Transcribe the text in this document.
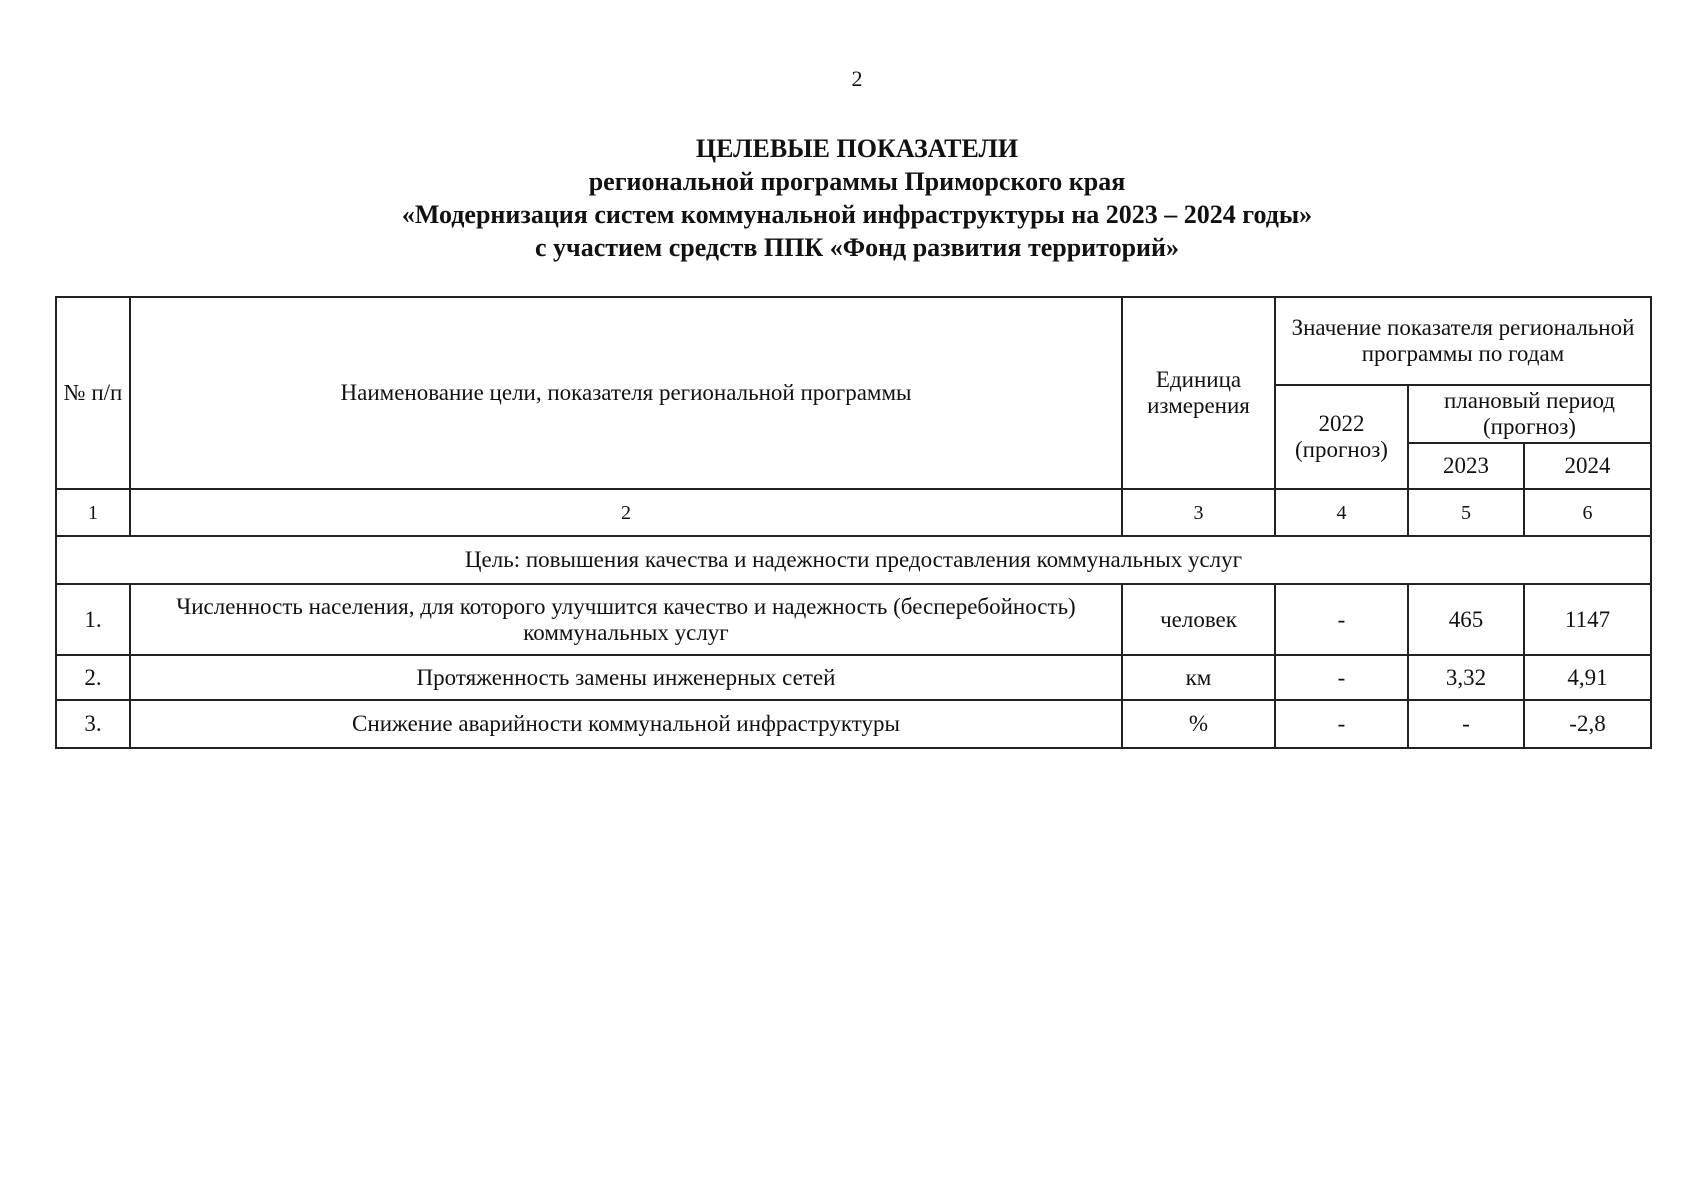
2
ЦЕЛЕВЫЕ ПОКАЗАТЕЛИ
региональной программы Приморского края
«Модернизация систем коммунальной инфраструктуры на 2023 – 2024 годы»
с участием средств ППК «Фонд развития территорий»
№ п/п	Наименование цели, показателя региональной программы	Единица измерения	Значение показателя региональной программы по годам		
			2022 (прогноз)	плановый период (прогноз)	
				2023	2024
1	2	3	4	5	6
Цель: повышения качества и надежности предоставления коммунальных услуг					
1.	Численность населения, для которого улучшится качество и надежность (бесперебойность) коммунальных услуг	человек	-	465	1147
2.	Протяженность замены инженерных сетей	км	-	3,32	4,91
3.	Снижение аварийности коммунальной инфраструктуры	%	-	-	-2,8
